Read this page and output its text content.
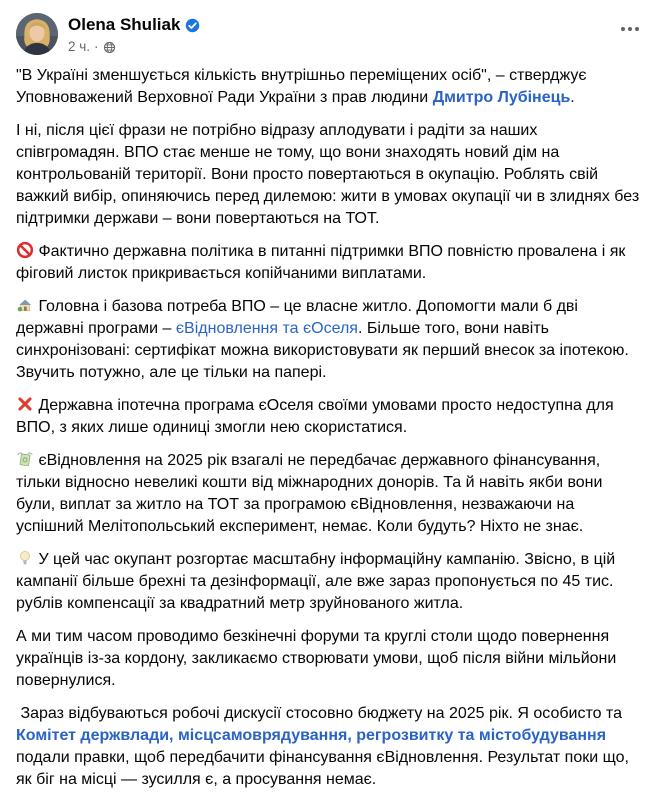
Olena Shuliak
2 ч. ·
"В Україні зменшується кількість внутрішньо переміщених осіб", – стверджує Уповноважений Верховної Ради України з прав людини Дмитро Лубінець.
І ні, після цієї фрази не потрібно відразу аплодувати і радіти за наших співгромадян. ВПО стає менше не тому, що вони знаходять новий дім на контрольованій території. Вони просто повертаються в окупацію. Роблять свій важкий вибір, опиняючись перед дилемою: жити в умовах окупації чи в злиднях без підтримки держави – вони повертаються на ТОТ.
Фактично державна політика в питанні підтримки ВПО повністю провалена і як фіговий листок прикривається копійчаними виплатами.
Головна і базова потреба ВПО – це власне житло. Допомогти мали б дві державні програми – єВідновлення та єОселя. Більше того, вони навіть синхронізовані: сертифікат можна використовувати як перший внесок за іпотекою. Звучить потужно, але це тільки на папері.
Державна іпотечна програма єОселя своїми умовами просто недоступна для ВПО, з яких лише одиниці змогли нею скористатися.
єВідновлення на 2025 рік взагалі не передбачає державного фінансування, тільки відносно невеликі кошти від міжнародних донорів. Та й навіть якби вони були, виплат за житло на ТОТ за програмою єВідновлення, незважаючи на успішний Мелітопольський експеримент, немає. Коли будуть? Ніхто не знає.
У цей час окупант розгортає масштабну інформаційну кампанію. Звісно, в цій кампанії більше брехні та дезінформації, але вже зараз пропонується по 45 тис. рублів компенсації за квадратний метр зруйнованого житла.
А ми тим часом проводимо безкінечні форуми та круглі столи щодо повернення українців із-за кордону, закликаємо створювати умови, щоб після війни мільйони повернулися.
Зараз відбуваються робочі дискусії стосовно бюджету на 2025 рік. Я особисто та Комітет держвлади, місцсамоврядування, регрозвитку та містобудування подали правки, щоб передбачити фінансування єВідновлення. Результат поки що, як біг на місці — зусилля є, а просування немає.
